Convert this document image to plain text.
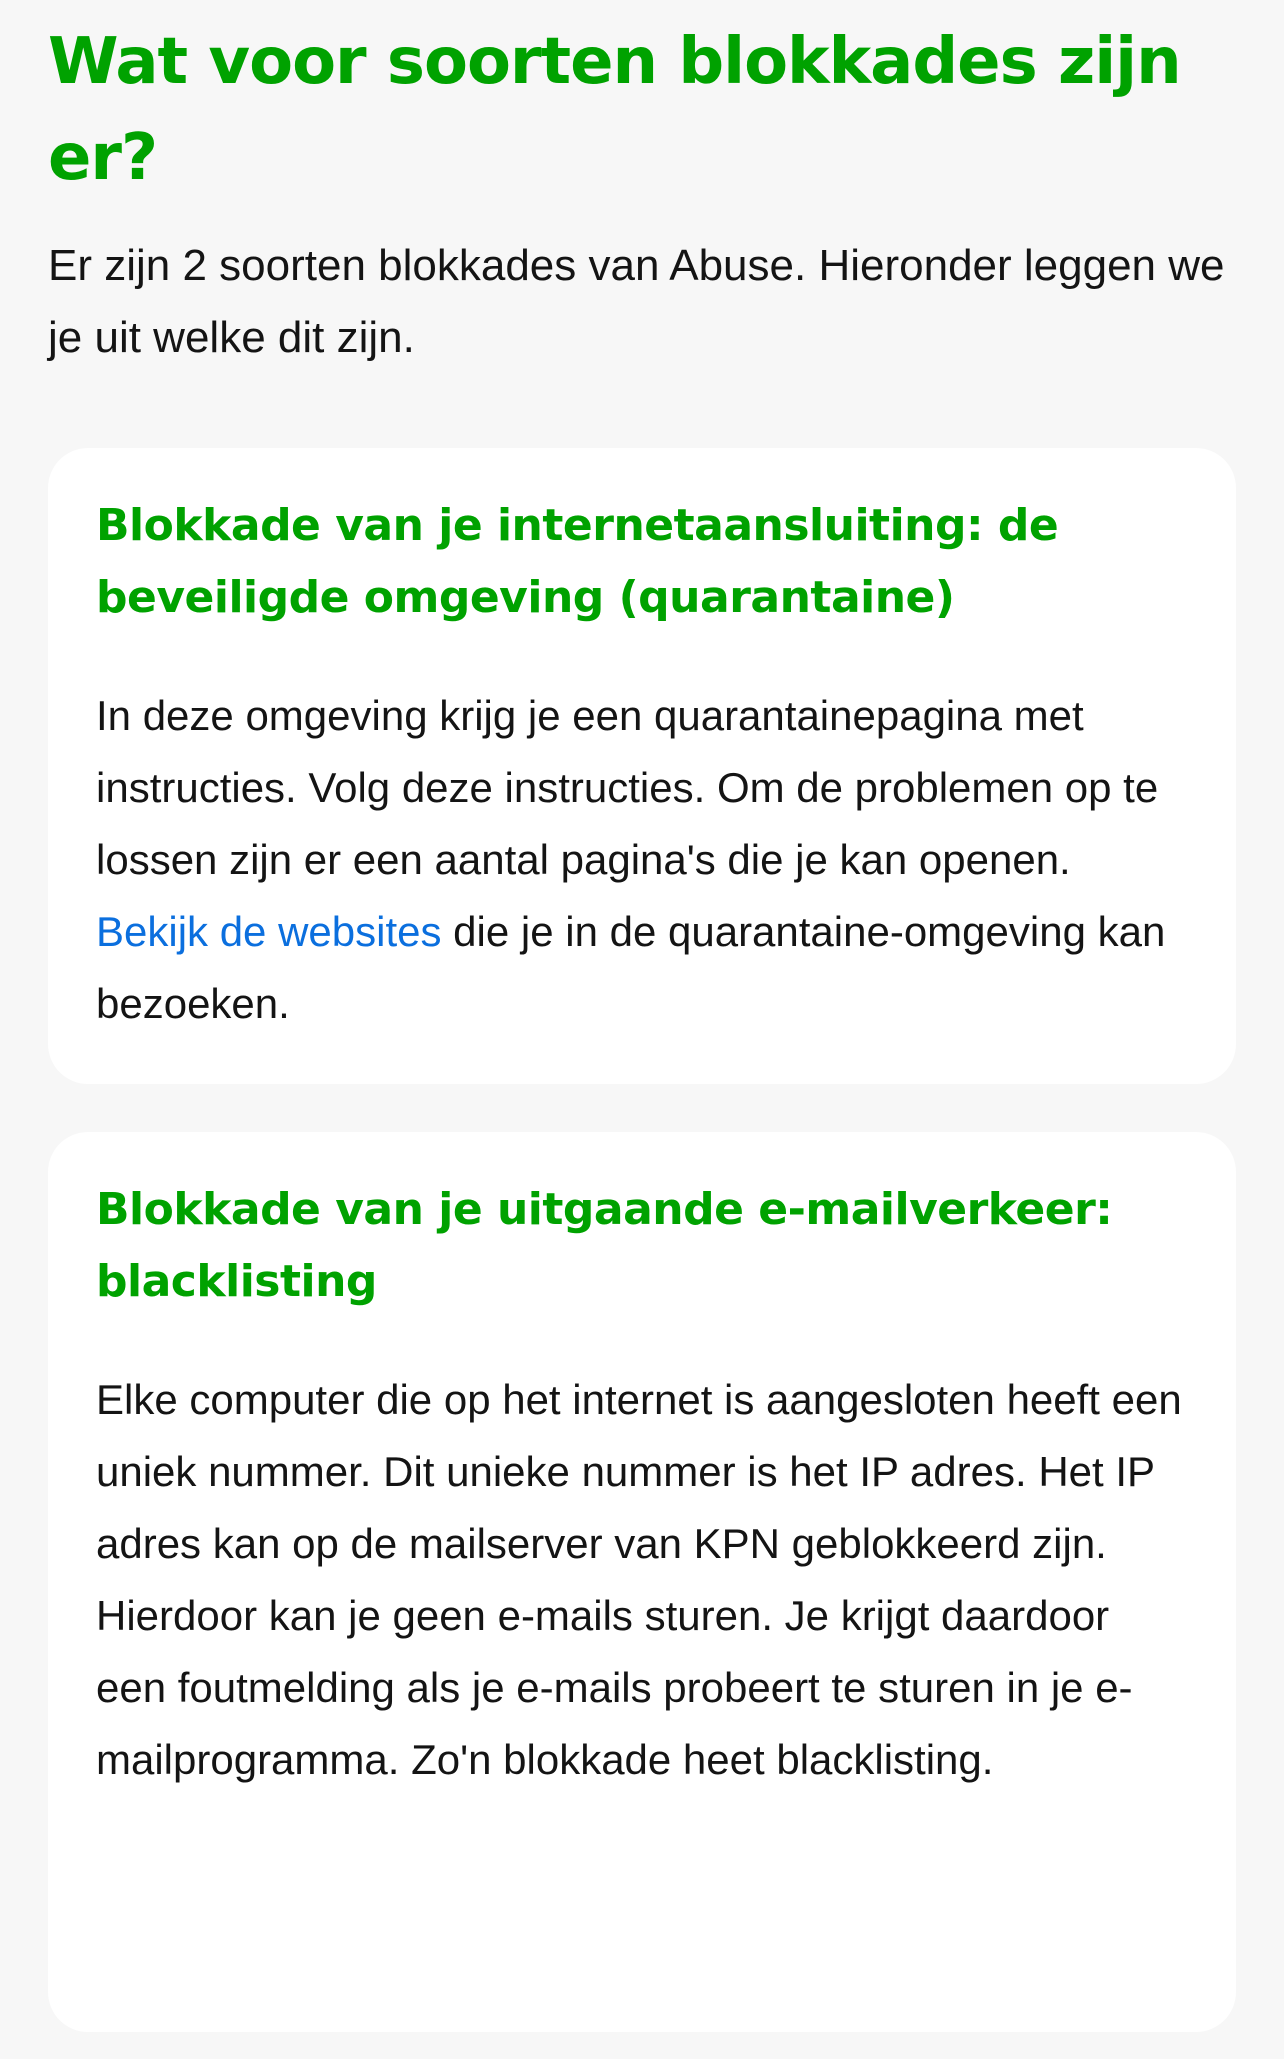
Wat voor soorten blokkades zijn er?

Er zijn 2 soorten blokkades van Abuse. Hieronder leggen we je uit welke dit zijn.

Blokkade van je internetaansluiting: de beveiligde omgeving (quarantaine)

In deze omgeving krijg je een quarantainepagina met instructies. Volg deze instructies. Om de problemen op te lossen zijn er een aantal pagina's die je kan openen. Bekijk de websites die je in de quarantaine-omgeving kan bezoeken.

Blokkade van je uitgaande e-mailverkeer: blacklisting

Elke computer die op het internet is aangesloten heeft een uniek nummer. Dit unieke nummer is het IP adres. Het IP adres kan op de mailserver van KPN geblokkeerd zijn. Hierdoor kan je geen e-mails sturen. Je krijgt daardoor een foutmelding als je e-mails probeert te sturen in je e-mailprogramma. Zo'n blokkade heet blacklisting.
